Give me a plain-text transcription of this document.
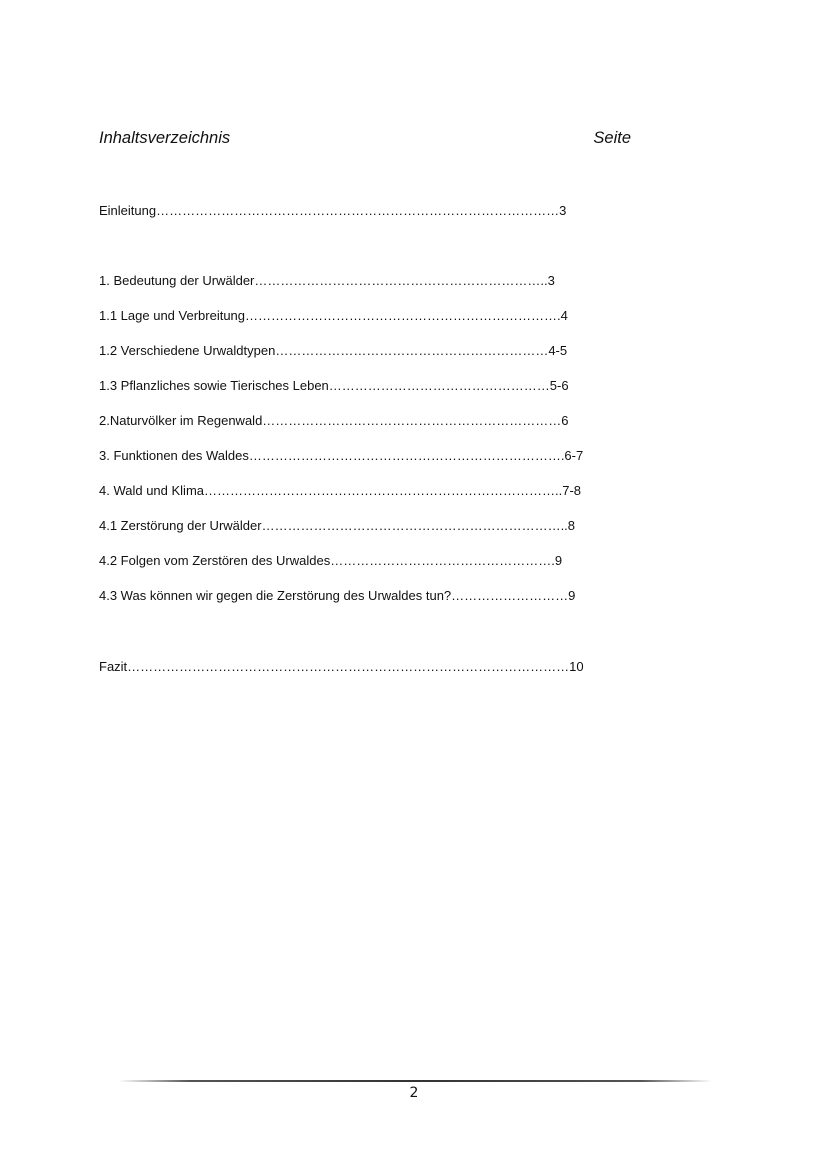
Inhaltsverzeichnis	Seite
Einleitung…………………………………………………………………………………3
1. Bedeutung der Urwälder…………………………………………………………..3
1.1 Lage und Verbreitung……………………………………………………………….4
1.2 Verschiedene Urwaldtypen………………………………………………………4-5
1.3 Pflanzliches sowie Tierisches Leben……………………………………………5-6
2.Naturvölker im Regenwald……………………………………………………………6
3. Funktionen des Waldes……………………………………………………………….6-7
4. Wald und Klima………………………………………………………………………..7-8
4.1 Zerstörung der Urwälder……………………………………………………………..8
4.2 Folgen vom Zerstören des Urwaldes…………………………………………….9
4.3 Was können wir gegen die Zerstörung des Urwaldes tun?………………………9
Fazit…………………………………………………………………………………………10
2
